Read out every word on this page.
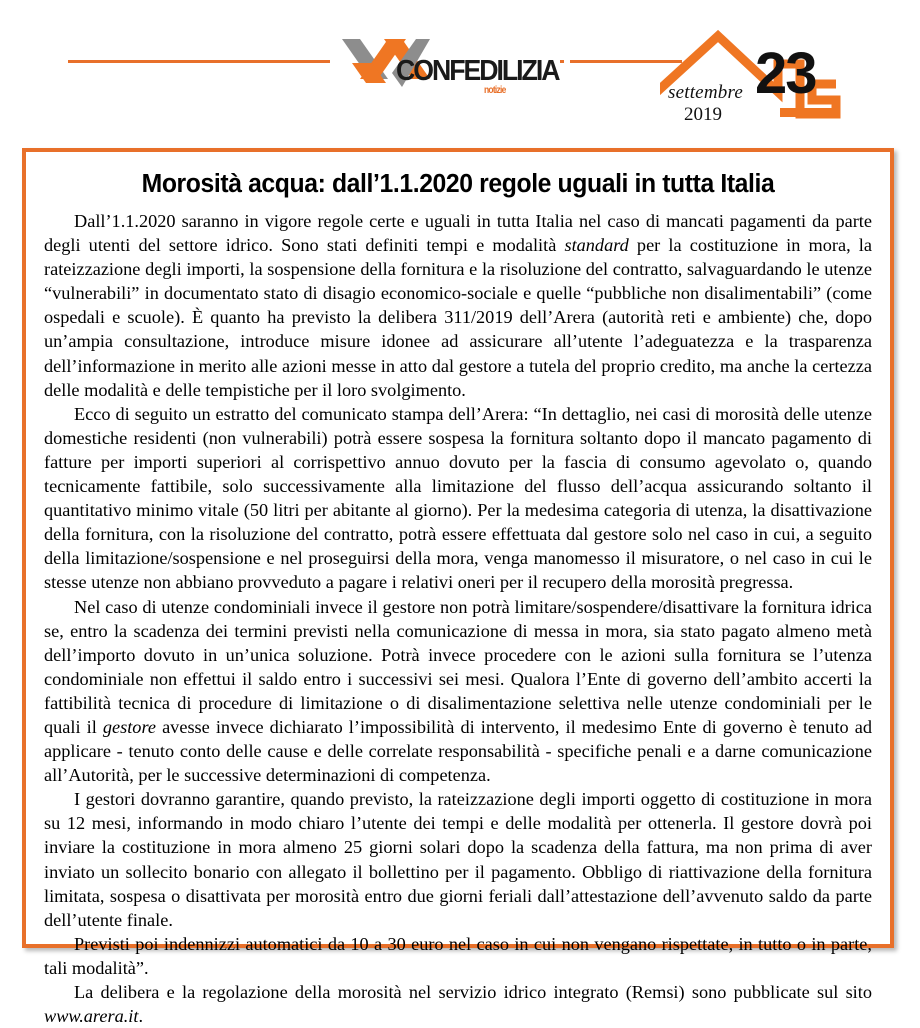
CONFEDILIZIA
notizie	23
settembre
2019
Morosità acqua: dall’1.1.2020 regole uguali in tutta Italia

Dall’1.1.2020 saranno in vigore regole certe e uguali in tutta Italia nel caso di mancati pagamenti da parte degli utenti del settore idrico. Sono stati definiti tempi e modalità standard per la costituzione in mora, la rateizzazione degli importi, la sospensione della fornitura e la risoluzione del contratto, salvaguardando le utenze “vulnerabili” in documentato stato di disagio economico-sociale e quelle “pubbliche non disalimentabili” (come ospedali e scuole). È quanto ha previsto la delibera 311/2019 dell’Arera (autorità reti e ambiente) che, dopo un’ampia consultazione, introduce misure idonee ad assicurare all’utente l’adeguatezza e la trasparenza dell’informazione in merito alle azioni messe in atto dal gestore a tutela del proprio credito, ma anche la certezza delle modalità e delle tempistiche per il loro svolgimento.

Ecco di seguito un estratto del comunicato stampa dell’Arera: “In dettaglio, nei casi di morosità delle utenze domestiche residenti (non vulnerabili) potrà essere sospesa la fornitura soltanto dopo il mancato pagamento di fatture per importi superiori al corrispettivo annuo dovuto per la fascia di consumo agevolato o, quando tecnicamente fattibile, solo successivamente alla limitazione del flusso dell’acqua assicurando soltanto il quantitativo minimo vitale (50 litri per abitante al giorno). Per la medesima categoria di utenza, la disattivazione della fornitura, con la risoluzione del contratto, potrà essere effettuata dal gestore solo nel caso in cui, a seguito della limitazione/sospensione e nel proseguirsi della mora, venga manomesso il misuratore, o nel caso in cui le stesse utenze non abbiano provveduto a pagare i relativi oneri per il recupero della morosità pregressa.

Nel caso di utenze condominiali invece il gestore non potrà limitare/sospendere/disattivare la fornitura idrica se, entro la scadenza dei termini previsti nella comunicazione di messa in mora, sia stato pagato almeno metà dell’importo dovuto in un’unica soluzione. Potrà invece procedere con le azioni sulla fornitura se l’utenza condominiale non effettui il saldo entro i successivi sei mesi. Qualora l’Ente di governo dell’ambito accerti la fattibilità tecnica di procedure di limitazione o di disalimentazione selettiva nelle utenze condominiali per le quali il gestore avesse invece dichiarato l’impossibilità di intervento, il medesimo Ente di governo è tenuto ad applicare - tenuto conto delle cause e delle correlate responsabilità - specifiche penali e a darne comunicazione all’Autorità, per le successive determinazioni di competenza.

I gestori dovranno garantire, quando previsto, la rateizzazione degli importi oggetto di costituzione in mora su 12 mesi, informando in modo chiaro l’utente dei tempi e delle modalità per ottenerla. Il gestore dovrà poi inviare la costituzione in mora almeno 25 giorni solari dopo la scadenza della fattura, ma non prima di aver inviato un sollecito bonario con allegato il bollettino per il pagamento. Obbligo di riattivazione della fornitura limitata, sospesa o disattivata per morosità entro due giorni feriali dall’attestazione dell’avvenuto saldo da parte dell’utente finale.

Previsti poi indennizzi automatici da 10 a 30 euro nel caso in cui non vengano rispettate, in tutto o in parte, tali modalità”.

La delibera e la regolazione della morosità nel servizio idrico integrato (Remsi) sono pubblicate sul sito www.arera.it.
